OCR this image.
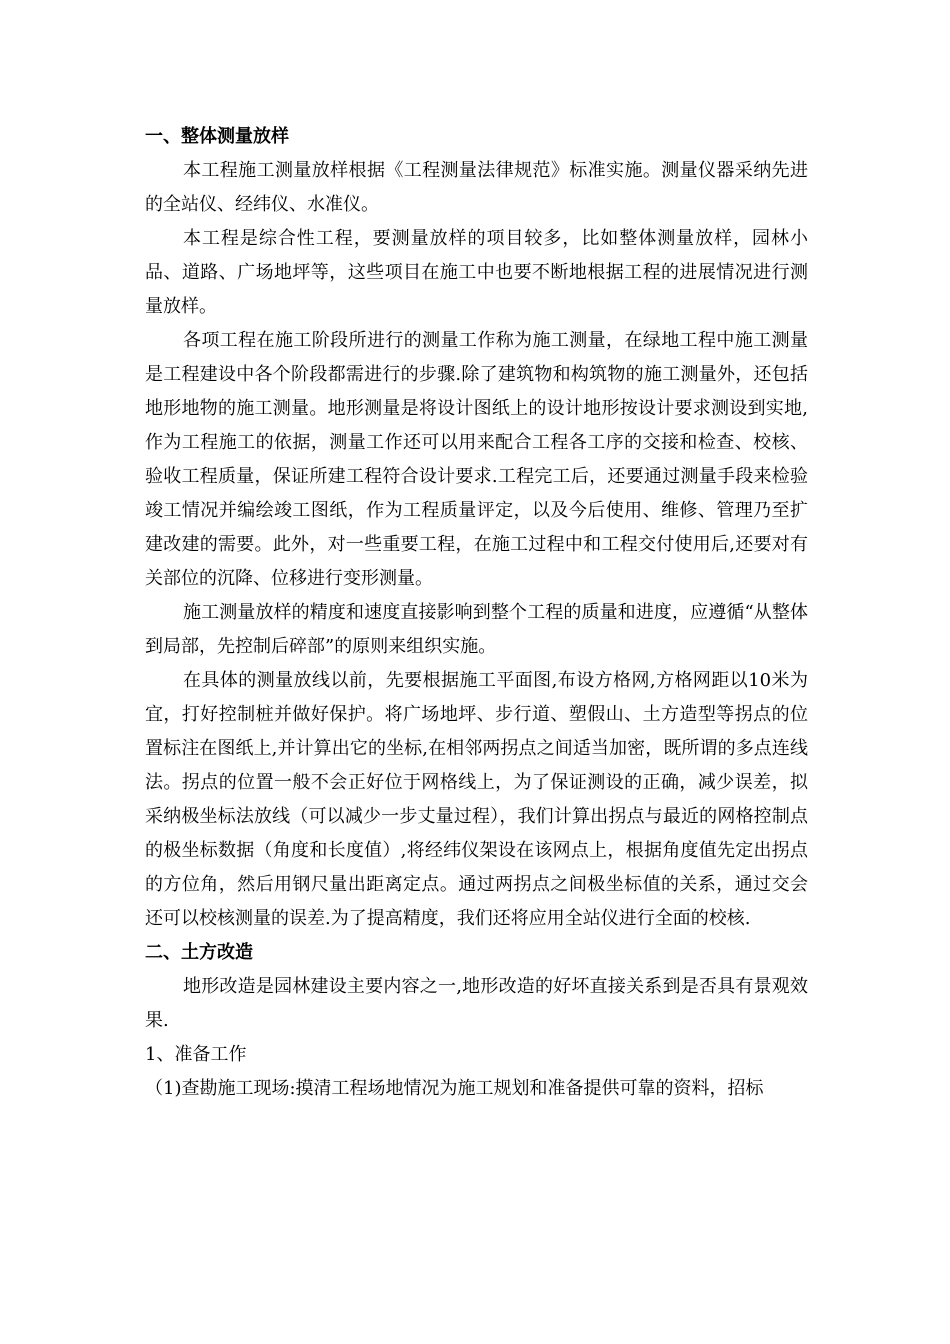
一、整体测量放样

本工程施工测量放样根据《工程测量法律规范》标准实施。测量仪器采纳先进的全站仪、经纬仪、水准仪。

本工程是综合性工程，要测量放样的项目较多，比如整体测量放样，园林小品、道路、广场地坪等，这些项目在施工中也要不断地根据工程的进展情况进行测量放样。

各项工程在施工阶段所进行的测量工作称为施工测量，在绿地工程中施工测量是工程建设中各个阶段都需进行的步骤.除了建筑物和构筑物的施工测量外，还包括地形地物的施工测量。地形测量是将设计图纸上的设计地形按设计要求测设到实地,作为工程施工的依据，测量工作还可以用来配合工程各工序的交接和检查、校核、验收工程质量，保证所建工程符合设计要求.工程完工后，还要通过测量手段来检验竣工情况并编绘竣工图纸，作为工程质量评定，以及今后使用、维修、管理乃至扩建改建的需要。此外，对一些重要工程，在施工过程中和工程交付使用后,还要对有关部位的沉降、位移进行变形测量。

施工测量放样的精度和速度直接影响到整个工程的质量和进度，应遵循“从整体到局部，先控制后碎部”的原则来组织实施。

在具体的测量放线以前，先要根据施工平面图,布设方格网,方格网距以10米为宜，打好控制桩并做好保护。将广场地坪、步行道、塑假山、土方造型等拐点的位置标注在图纸上,并计算出它的坐标,在相邻两拐点之间适当加密，既所谓的多点连线法。拐点的位置一般不会正好位于网格线上，为了保证测设的正确，减少误差，拟采纳极坐标法放线（可以减少一步丈量过程），我们计算出拐点与最近的网格控制点的极坐标数据（角度和长度值）,将经纬仪架设在该网点上，根据角度值先定出拐点的方位角，然后用钢尺量出距离定点。通过两拐点之间极坐标值的关系，通过交会还可以校核测量的误差.为了提高精度，我们还将应用全站仪进行全面的校核.

二、土方改造

地形改造是园林建设主要内容之一,地形改造的好坏直接关系到是否具有景观效果.

1、准备工作

（1)查勘施工现场:摸清工程场地情况为施工规划和准备提供可靠的资料，招标
